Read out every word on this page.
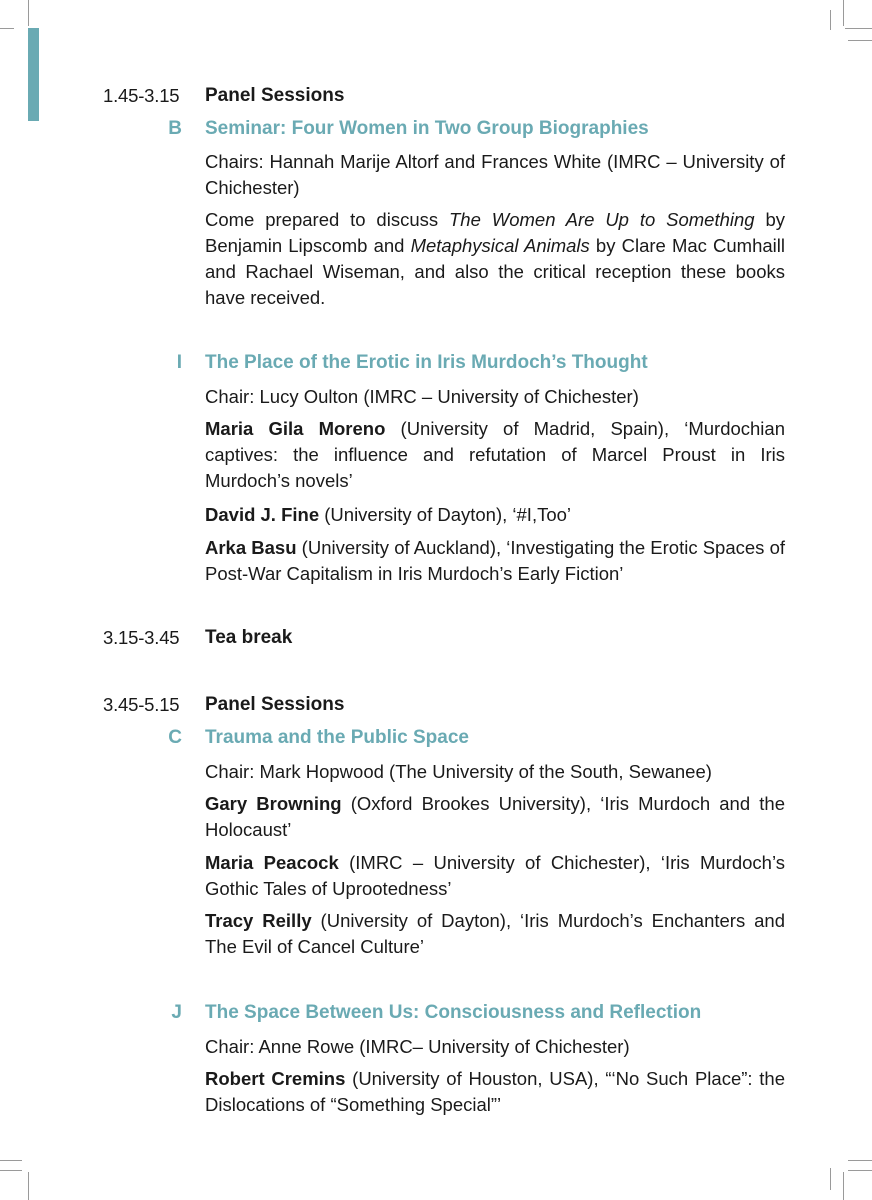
1.45-3.15 Panel Sessions
B Seminar: Four Women in Two Group Biographies
Chairs: Hannah Marije Altorf and Frances White (IMRC – University of Chichester)
Come prepared to discuss The Women Are Up to Something by Benjamin Lipscomb and Metaphysical Animals by Clare Mac Cumhaill and Rachael Wiseman, and also the critical reception these books have received.
I The Place of the Erotic in Iris Murdoch’s Thought
Chair: Lucy Oulton (IMRC – University of Chichester)
Maria Gila Moreno (University of Madrid, Spain), ‘Murdochian captives: the influence and refutation of Marcel Proust in Iris Murdoch’s novels’
David J. Fine (University of Dayton), ‘#I,Too’
Arka Basu (University of Auckland), ‘Investigating the Erotic Spaces of Post-War Capitalism in Iris Murdoch’s Early Fiction’
3.15-3.45 Tea break
3.45-5.15 Panel Sessions
C Trauma and the Public Space
Chair: Mark Hopwood (The University of the South, Sewanee)
Gary Browning (Oxford Brookes University), ‘Iris Murdoch and the Holocaust’
Maria Peacock (IMRC – University of Chichester), ‘Iris Murdoch’s Gothic Tales of Uprootedness’
Tracy Reilly (University of Dayton), ‘Iris Murdoch’s Enchanters and The Evil of Cancel Culture’
J The Space Between Us: Consciousness and Reflection
Chair: Anne Rowe (IMRC– University of Chichester)
Robert Cremins (University of Houston, USA), “‘No Such Place”: the Dislocations of “Something Special”’
